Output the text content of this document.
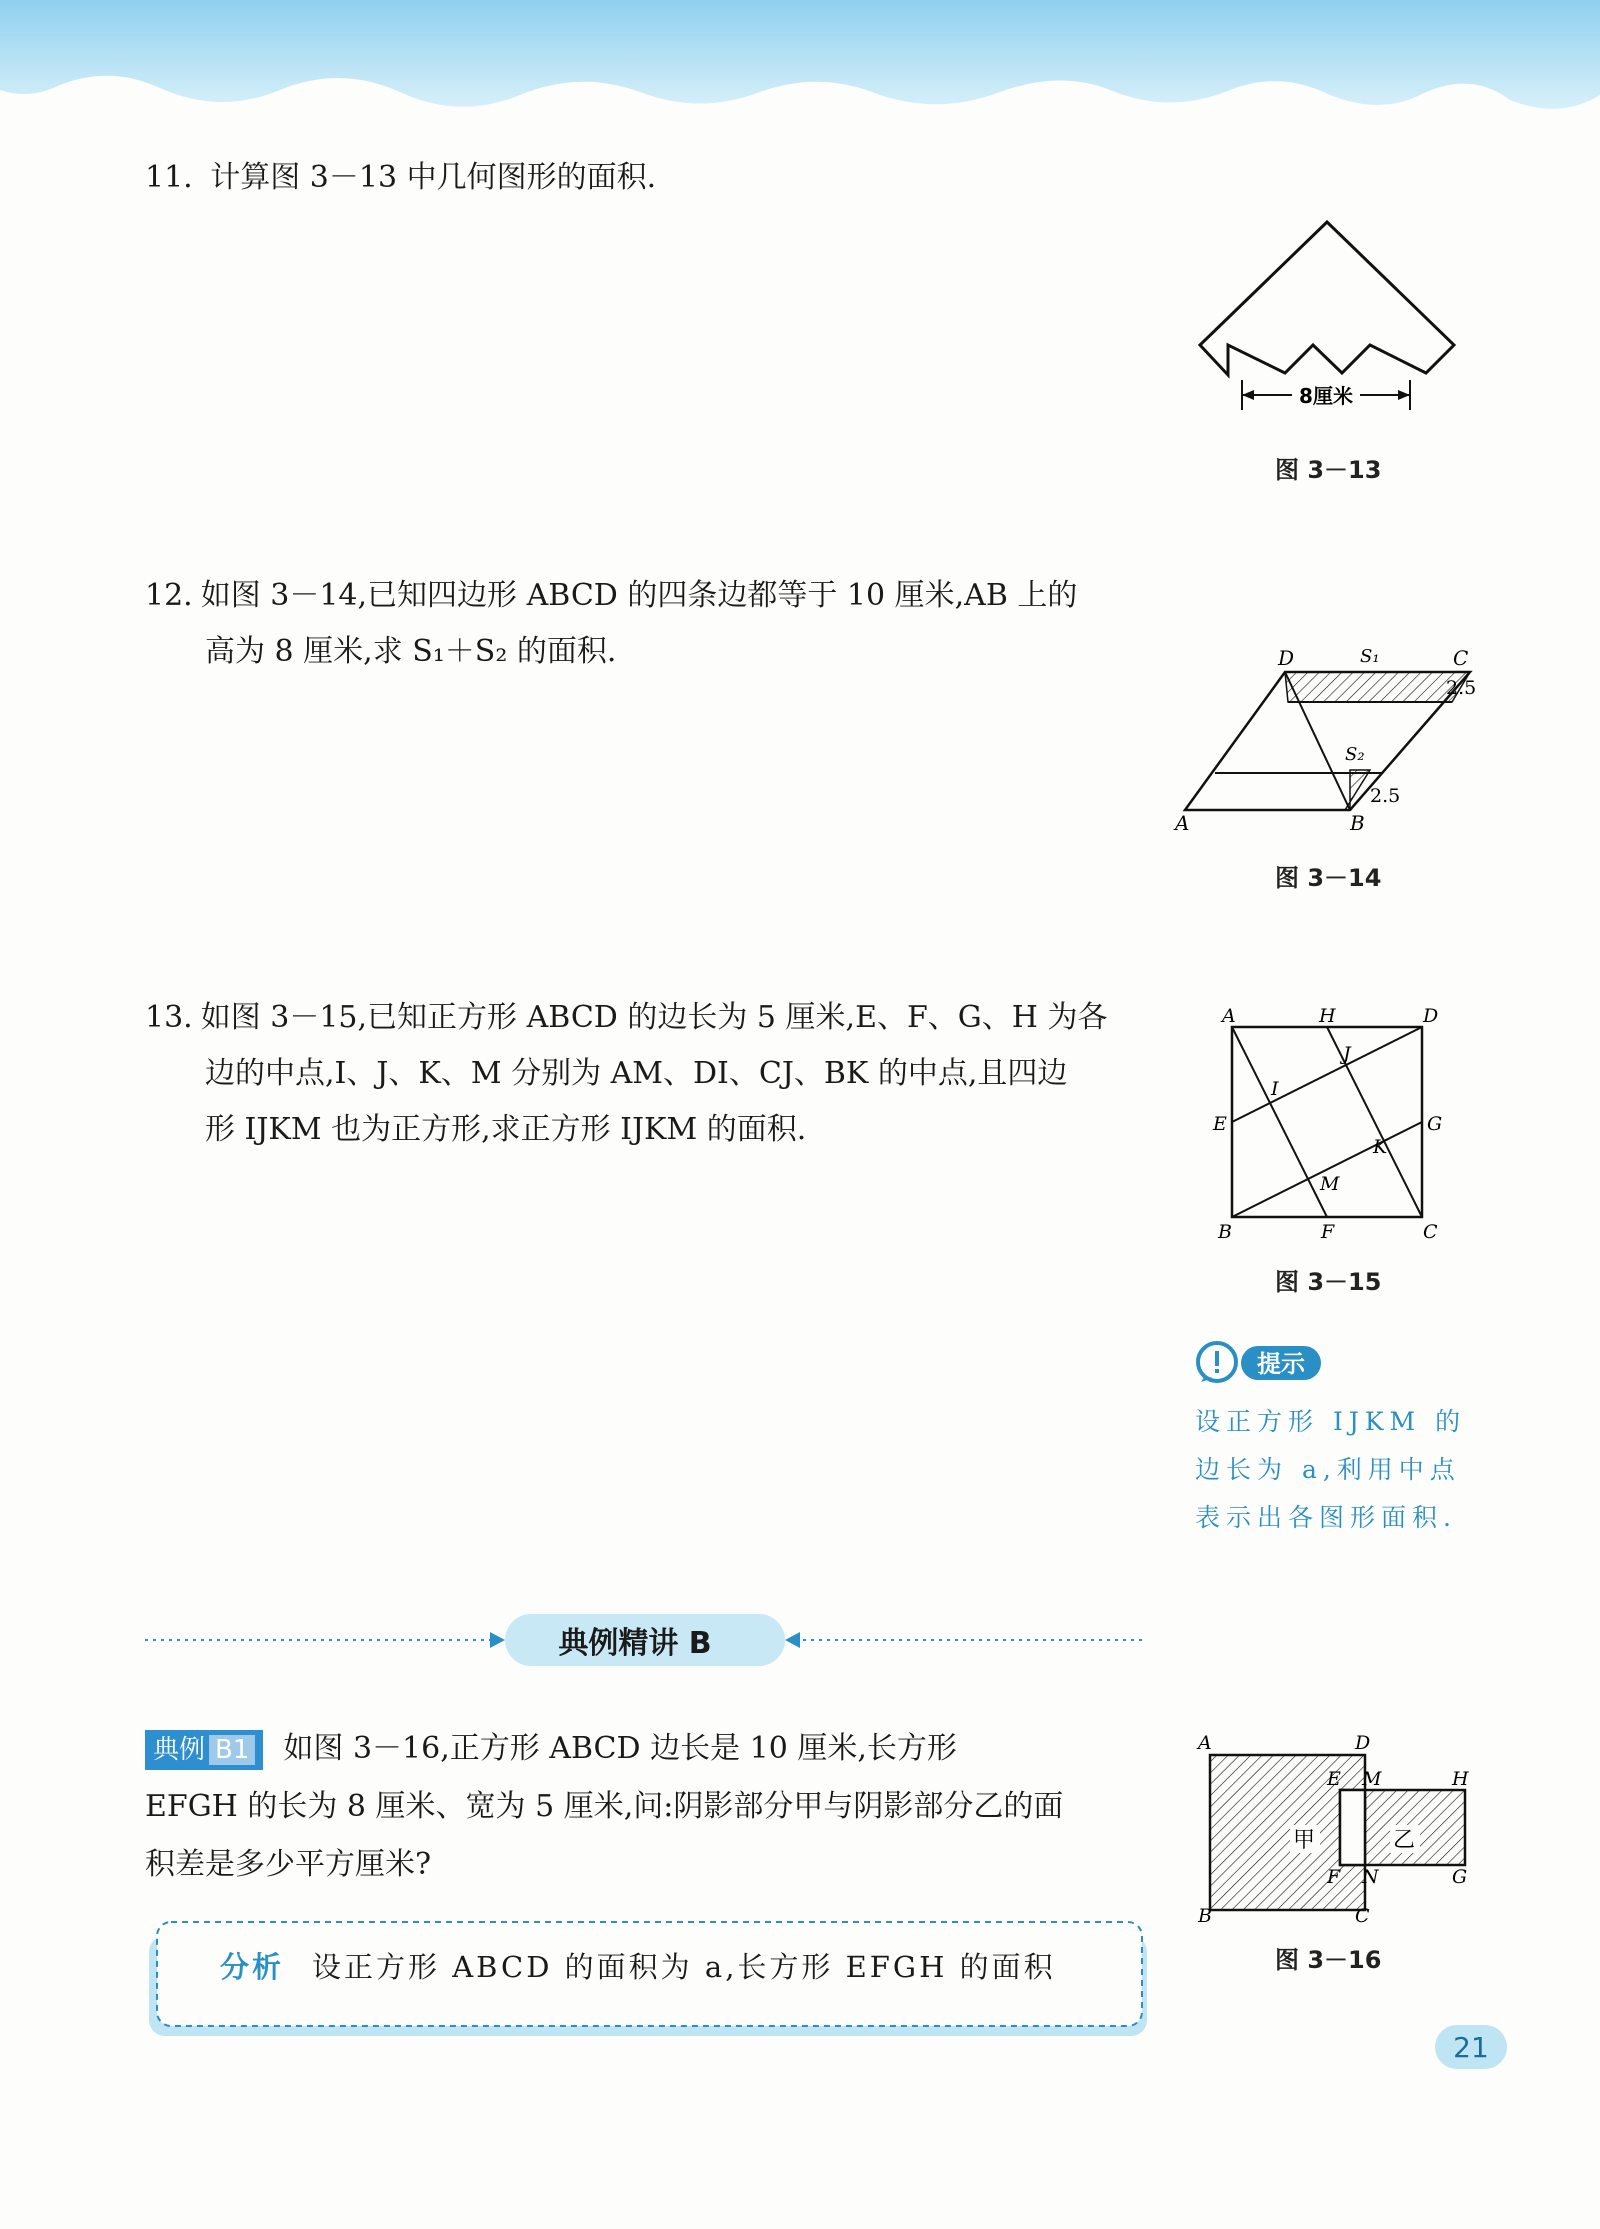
11. 计算图 3－13 中几何图形的面积.
8厘米
图 3－13
12. 如图 3－14,已知四边形 ABCD 的四条边都等于 10 厘米,AB 上的
高为 8 厘米,求 S₁＋S₂ 的面积.	D	C
A	B
S₁
S₂
2.5
2.5
图 3－14
13. 如图 3－15,已知正方形 ABCD 的边长为 5 厘米,E、F、G、H 为各
边的中点,I、J、K、M 分别为 AM、DI、CJ、BK 的中点,且四边
形 IJKM 也为正方形,求正方形 IJKM 的面积.
A	H	D
J
I
E	G
K
M
B	F	C
图 3－15
提示
设正方形 IJKM 的
边长为 a,利用中点
表示出各图形面积.
典例精讲 B
典例 B1 如图 3－16,正方形 ABCD 边长是 10 厘米,长方形
EFGH 的长为 8 厘米、宽为 5 厘米,问:阴影部分甲与阴影部分乙的面
积差是多少平方厘米?
甲	乙
A	D
E M	H
F N	G
B	C
图 3－16
分析 设正方形 ABCD 的面积为 a,长方形 EFGH 的面积
21
